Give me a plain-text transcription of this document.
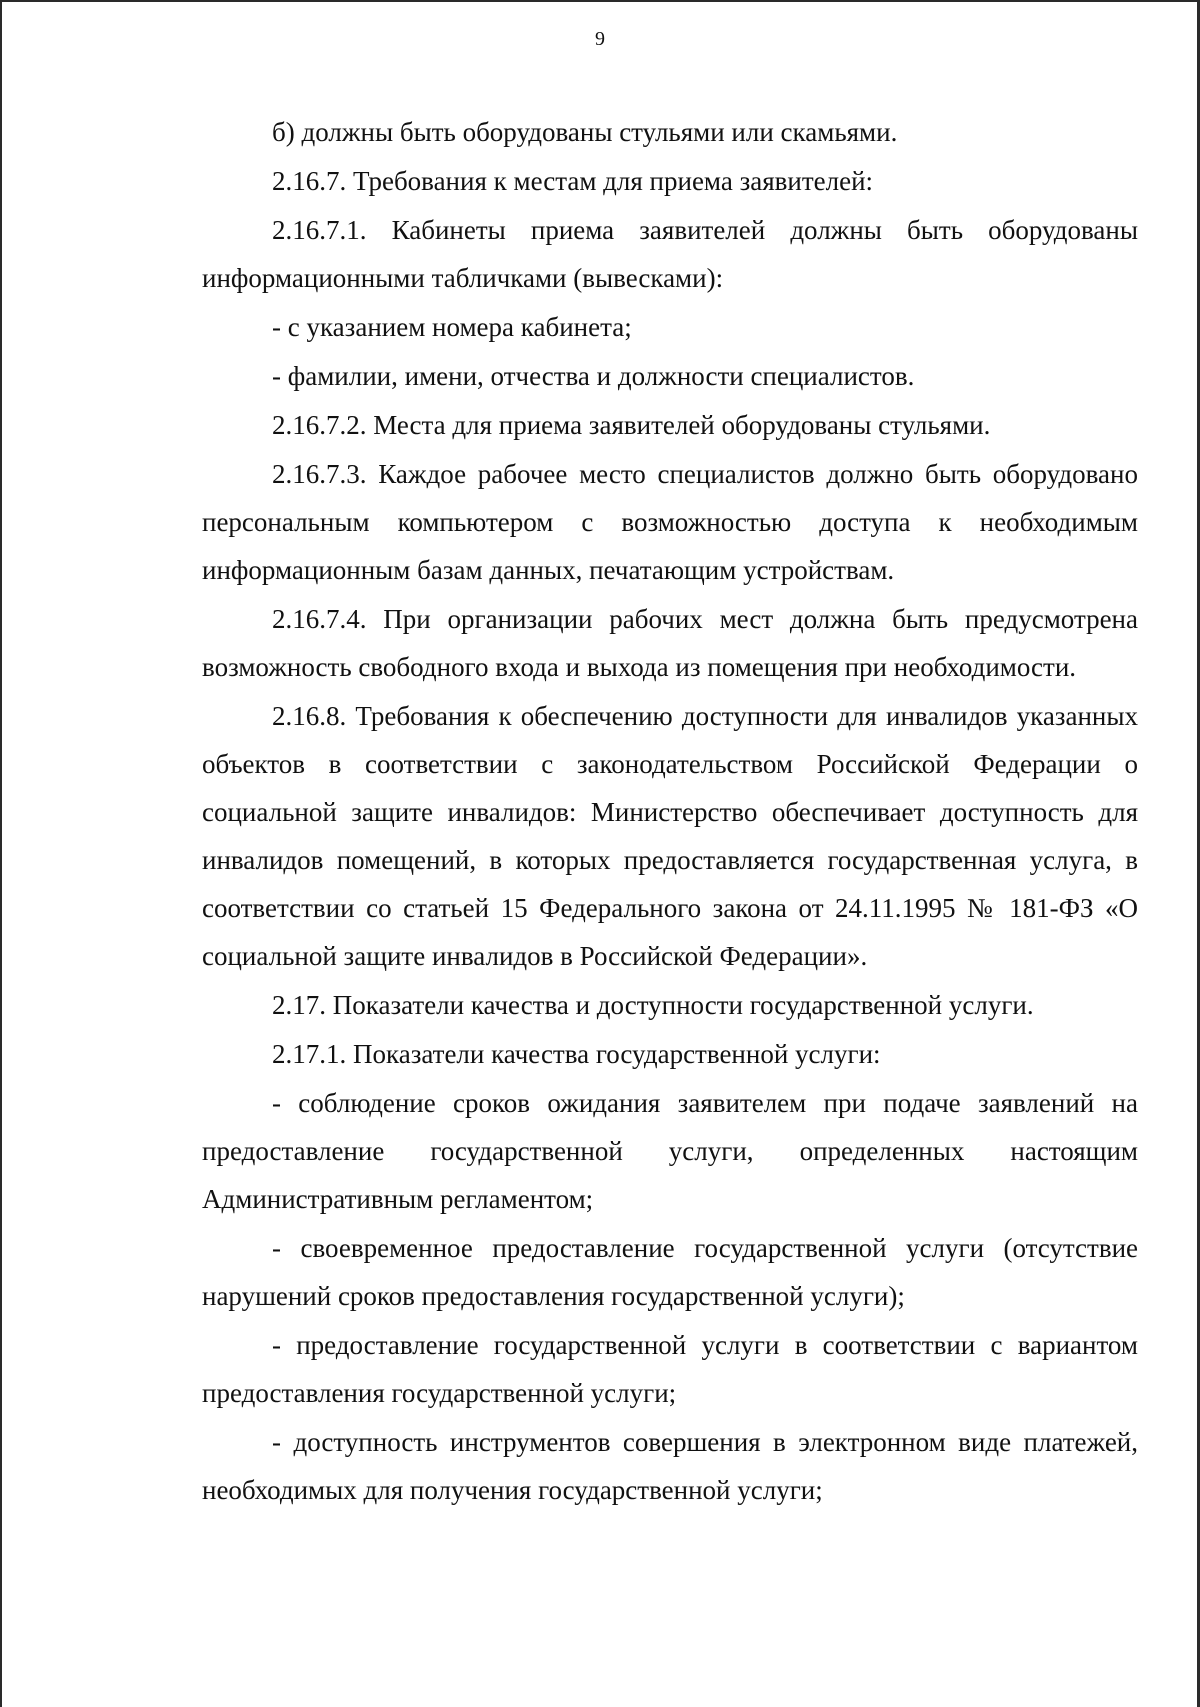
9

б) должны быть оборудованы стульями или скамьями.

2.16.7. Требования к местам для приема заявителей:

2.16.7.1. Кабинеты приема заявителей должны быть оборудованы информационными табличками (вывесками):

- с указанием номера кабинета;

- фамилии, имени, отчества и должности специалистов.

2.16.7.2. Места для приема заявителей оборудованы стульями.

2.16.7.3. Каждое рабочее место специалистов должно быть оборудовано персональным компьютером с возможностью доступа к необходимым информационным базам данных, печатающим устройствам.

2.16.7.4. При организации рабочих мест должна быть предусмотрена возможность свободного входа и выхода из помещения при необходимости.

2.16.8. Требования к обеспечению доступности для инвалидов указанных объектов в соответствии с законодательством Российской Федерации о социальной защите инвалидов: Министерство обеспечивает доступность для инвалидов помещений, в которых предоставляется государственная услуга, в соответствии со статьей 15 Федерального закона от 24.11.1995 № 181-ФЗ «О социальной защите инвалидов в Российской Федерации».

2.17. Показатели качества и доступности государственной услуги.

2.17.1. Показатели качества государственной услуги:

- соблюдение сроков ожидания заявителем при подаче заявлений на предоставление государственной услуги, определенных настоящим Административным регламентом;

- своевременное предоставление государственной услуги (отсутствие нарушений сроков предоставления государственной услуги);

- предоставление государственной услуги в соответствии с вариантом предоставления государственной услуги;

- доступность инструментов совершения в электронном виде платежей, необходимых для получения государственной услуги;
